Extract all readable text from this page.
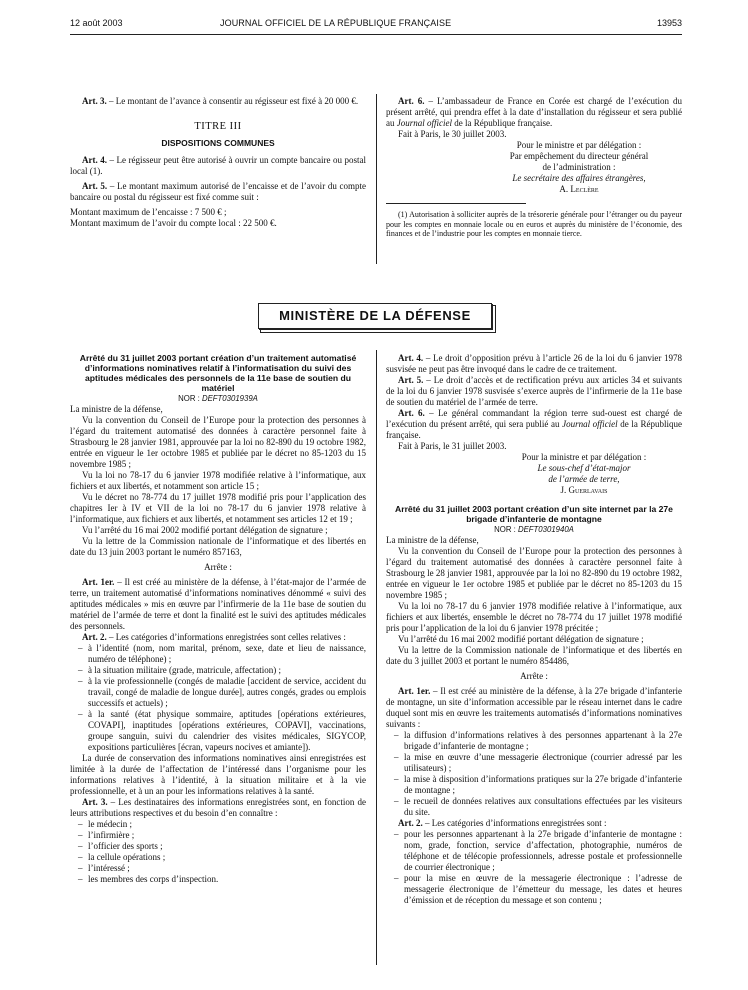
12 août 2003	JOURNAL OFFICIEL DE LA RÉPUBLIQUE FRANÇAISE	13953

Art. 3. – Le montant de l’avance à consentir au régisseur est fixé à 20 000 €.

TITRE III
DISPOSITIONS COMMUNES

Art. 4. – Le régisseur peut être autorisé à ouvrir un compte bancaire ou postal local (1).

Art. 5. – Le montant maximum autorisé de l’encaisse et de l’avoir du compte bancaire ou postal du régisseur est fixé comme suit :

Montant maximum de l’encaisse : 7 500 € ;

Montant maximum de l’avoir du compte local : 22 500 €.

Art. 6. – L’ambassadeur de France en Corée est chargé de l’exécution du présent arrêté, qui prendra effet à la date d’installation du régisseur et sera publié au Journal officiel de la République française.

Fait à Paris, le 30 juillet 2003.

Pour le ministre et par délégation :
Par empêchement du directeur général
de l’administration :
Le secrétaire des affaires étrangères,
A. Leclère

(1) Autorisation à solliciter auprès de la trésorerie générale pour l’étranger ou du payeur pour les comptes en monnaie locale ou en euros et auprès du ministère de l’économie, des finances et de l’industrie pour les comptes en monnaie tierce.

MINISTÈRE DE LA DÉFENSE

Arrêté du 31 juillet 2003 portant création d’un traitement automatisé d’informations nominatives relatif à l’informatisation du suivi des aptitudes médicales des personnels de la 11e base de soutien du matériel

NOR : DEFT0301939A

La ministre de la défense,

Vu la convention du Conseil de l’Europe pour la protection des personnes à l’égard du traitement automatisé des données à caractère personnel faite à Strasbourg le 28 janvier 1981, approuvée par la loi no 82-890 du 19 octobre 1982, entrée en vigueur le 1er octobre 1985 et publiée par le décret no 85-1203 du 15 novembre 1985 ;

Vu la loi no 78-17 du 6 janvier 1978 modifiée relative à l’informatique, aux fichiers et aux libertés, et notamment son article 15 ;

Vu le décret no 78-774 du 17 juillet 1978 modifié pris pour l’application des chapitres Ier à IV et VII de la loi no 78-17 du 6 janvier 1978 relative à l’informatique, aux fichiers et aux libertés, et notamment ses articles 12 et 19 ;

Vu l’arrêté du 16 mai 2002 modifié portant délégation de signature ;

Vu la lettre de la Commission nationale de l’informatique et des libertés en date du 13 juin 2003 portant le numéro 857163,

Arrête :

Art. 1er. – Il est créé au ministère de la défense, à l’état-major de l’armée de terre, un traitement automatisé d’informations nominatives dénommé « suivi des aptitudes médicales » mis en œuvre par l’infirmerie de la 11e base de soutien du matériel de l’armée de terre et dont la finalité est le suivi des aptitudes médicales des personnels.

Art. 2. – Les catégories d’informations enregistrées sont celles relatives :

– à l’identité (nom, nom marital, prénom, sexe, date et lieu de naissance, numéro de téléphone) ;
– à la situation militaire (grade, matricule, affectation) ;
– à la vie professionnelle (congés de maladie [accident de service, accident du travail, congé de maladie de longue durée], autres congés, grades ou emplois successifs et actuels) ;
– à la santé (état physique sommaire, aptitudes [opérations extérieures, COVAPI], inaptitudes [opérations extérieures, COPAVI], vaccinations, groupe sanguin, suivi du calendrier des visites médicales, SIGYCOP, expositions particulières [écran, vapeurs nocives et amiante]).

La durée de conservation des informations nominatives ainsi enregistrées est limitée à la durée de l’affectation de l’intéressé dans l’organisme pour les informations relatives à l’identité, à la situation militaire et à la vie professionnelle, et à un an pour les informations relatives à la santé.

Art. 3. – Les destinataires des informations enregistrées sont, en fonction de leurs attributions respectives et du besoin d’en connaître :

– le médecin ;
– l’infirmière ;
– l’officier des sports ;
– la cellule opérations ;
– l’intéressé ;
– les membres des corps d’inspection.

Art. 4. – Le droit d’opposition prévu à l’article 26 de la loi du 6 janvier 1978 susvisée ne peut pas être invoqué dans le cadre de ce traitement.

Art. 5. – Le droit d’accès et de rectification prévu aux articles 34 et suivants de la loi du 6 janvier 1978 susvisée s’exerce auprès de l’infirmerie de la 11e base de soutien du matériel de l’armée de terre.

Art. 6. – Le général commandant la région terre sud-ouest est chargé de l’exécution du présent arrêté, qui sera publié au Journal officiel de la République française.

Fait à Paris, le 31 juillet 2003.

Pour la ministre et par délégation :
Le sous-chef d’état-major
de l’armée de terre,
J. Guerlavais

Arrêté du 31 juillet 2003 portant création d’un site internet par la 27e brigade d’infanterie de montagne

NOR : DEFT0301940A

La ministre de la défense,

Vu la convention du Conseil de l’Europe pour la protection des personnes à l’égard du traitement automatisé des données à caractère personnel faite à Strasbourg le 28 janvier 1981, approuvée par la loi no 82-890 du 19 octobre 1982, entrée en vigueur le 1er octobre 1985 et publiée par le décret no 85-1203 du 15 novembre 1985 ;

Vu la loi no 78-17 du 6 janvier 1978 modifiée relative à l’informatique, aux fichiers et aux libertés, ensemble le décret no 78-774 du 17 juillet 1978 modifié pris pour l’application de la loi du 6 janvier 1978 précitée ;

Vu l’arrêté du 16 mai 2002 modifié portant délégation de signature ;

Vu la lettre de la Commission nationale de l’informatique et des libertés en date du 3 juillet 2003 et portant le numéro 854486,

Arrête :

Art. 1er. – Il est créé au ministère de la défense, à la 27e brigade d’infanterie de montagne, un site d’information accessible par le réseau internet dans le cadre duquel sont mis en œuvre les traitements automatisés d’informations nominatives suivants :

– la diffusion d’informations relatives à des personnes appartenant à la 27e brigade d’infanterie de montagne ;
– la mise en œuvre d’une messagerie électronique (courrier adressé par les utilisateurs) ;
– la mise à disposition d’informations pratiques sur la 27e brigade d’infanterie de montagne ;
– le recueil de données relatives aux consultations effectuées par les visiteurs du site.

Art. 2. – Les catégories d’informations enregistrées sont :

– pour les personnes appartenant à la 27e brigade d’infanterie de montagne : nom, grade, fonction, service d’affectation, photographie, numéros de téléphone et de télécopie professionnels, adresse postale et professionnelle de courrier électronique ;
– pour la mise en œuvre de la messagerie électronique : l’adresse de messagerie électronique de l’émetteur du message, les dates et heures d’émission et de réception du message et son contenu ;
